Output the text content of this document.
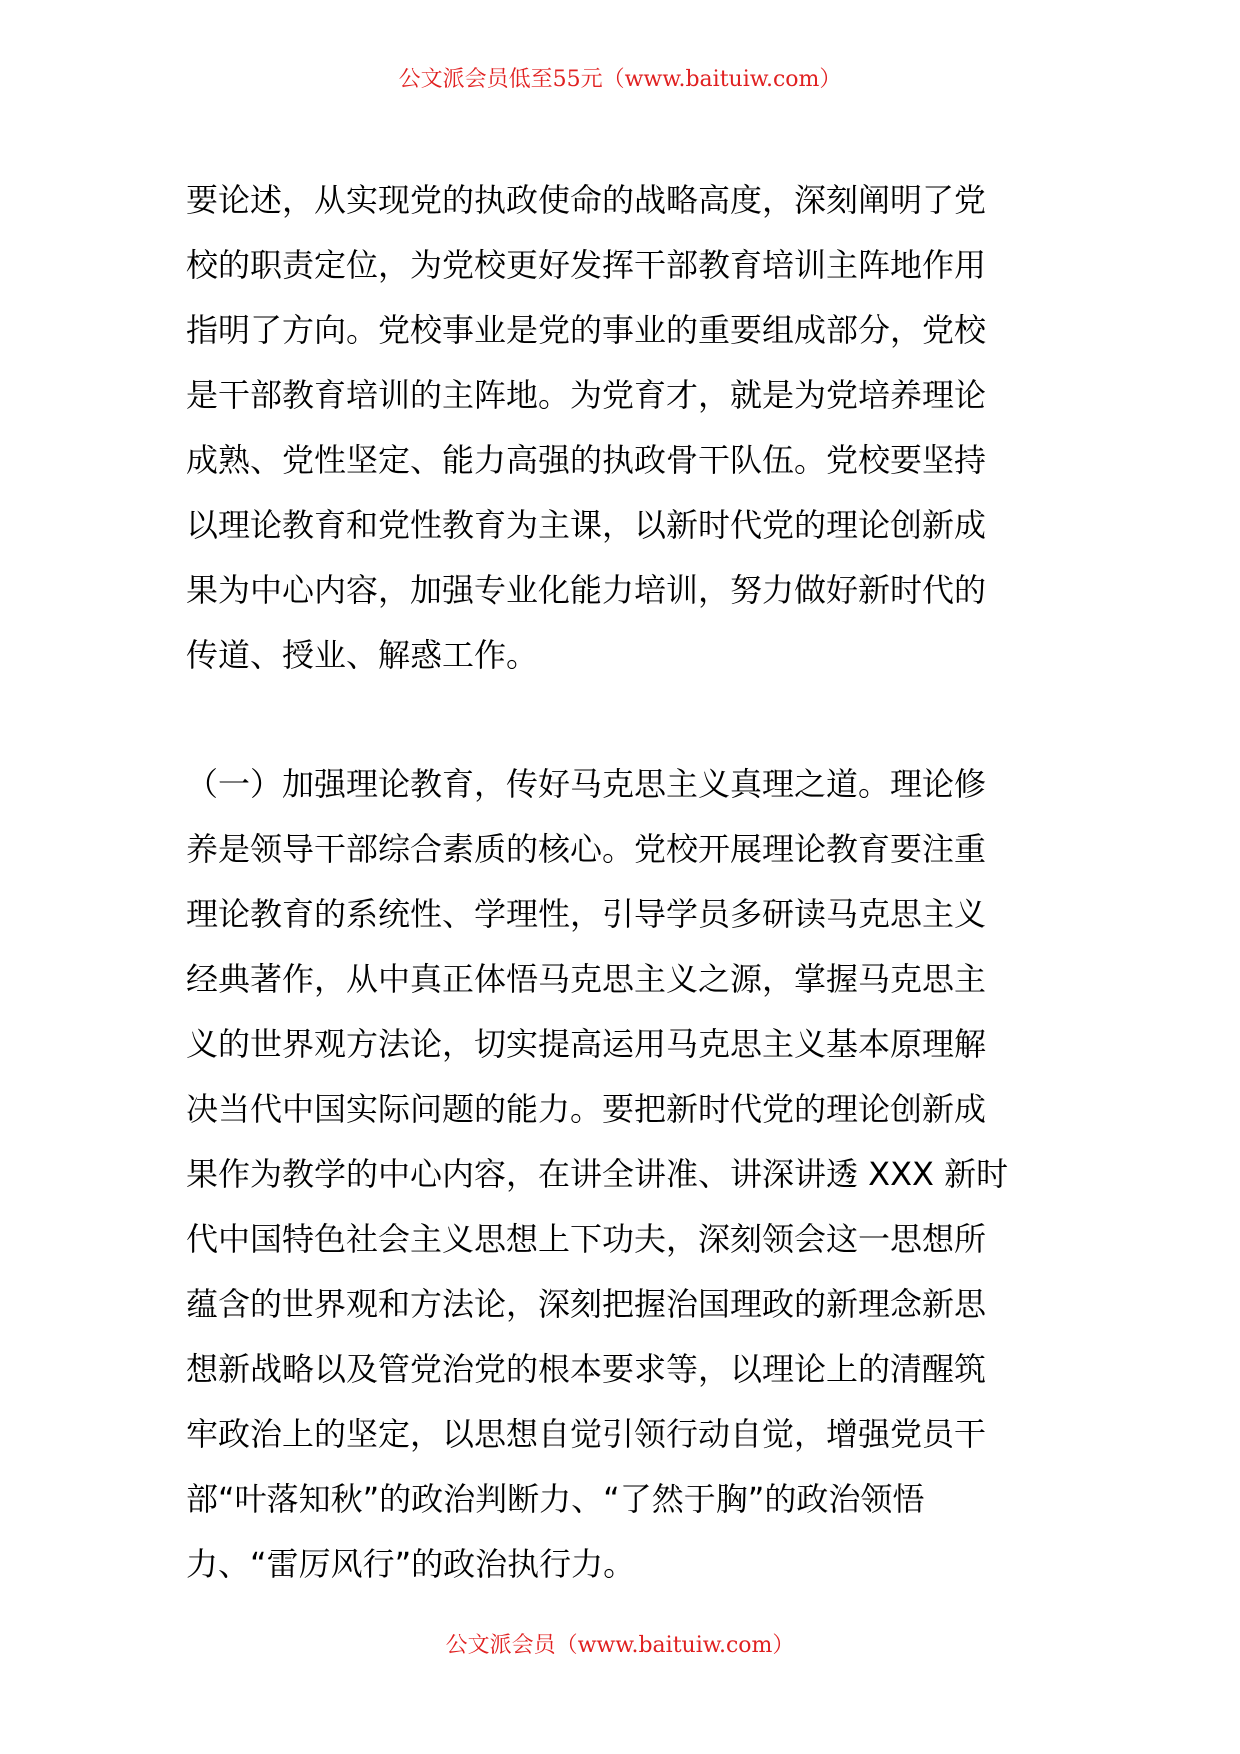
公文派会员低至55元（www.baituiw.com）
要论述，从实现党的执政使命的战略高度，深刻阐明了党
校的职责定位，为党校更好发挥干部教育培训主阵地作用
指明了方向。党校事业是党的事业的重要组成部分，党校
是干部教育培训的主阵地。为党育才，就是为党培养理论
成熟、党性坚定、能力高强的执政骨干队伍。党校要坚持
以理论教育和党性教育为主课，以新时代党的理论创新成
果为中心内容，加强专业化能力培训，努力做好新时代的
传道、授业、解惑工作。
（一）加强理论教育，传好马克思主义真理之道。理论修
养是领导干部综合素质的核心。党校开展理论教育要注重
理论教育的系统性、学理性，引导学员多研读马克思主义
经典著作，从中真正体悟马克思主义之源，掌握马克思主
义的世界观方法论，切实提高运用马克思主义基本原理解
决当代中国实际问题的能力。要把新时代党的理论创新成
果作为教学的中心内容，在讲全讲准、讲深讲透 XXX 新时
代中国特色社会主义思想上下功夫，深刻领会这一思想所
蕴含的世界观和方法论，深刻把握治国理政的新理念新思
想新战略以及管党治党的根本要求等，以理论上的清醒筑
牢政治上的坚定，以思想自觉引领行动自觉，增强党员干
部“叶落知秋”的政治判断力、“了然于胸”的政治领悟
力、“雷厉风行”的政治执行力。
公文派会员（www.baituiw.com）
